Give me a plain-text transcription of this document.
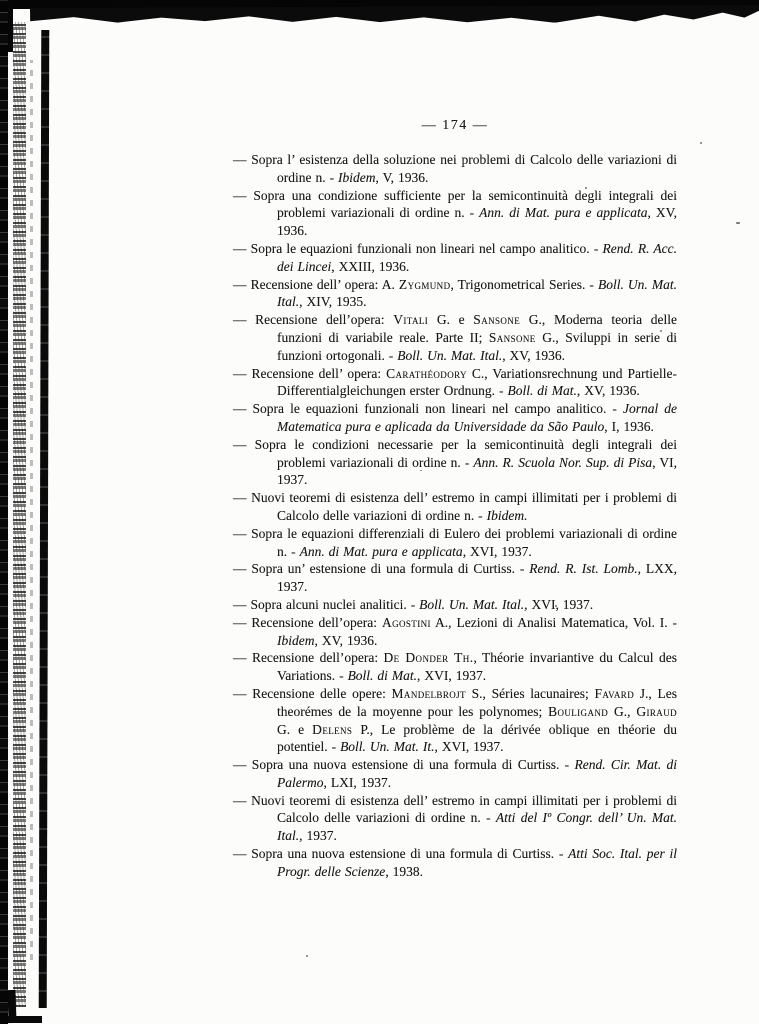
— 174 —
— Sopra l’ esistenza della soluzione nei problemi di Calcolo delle variazioni di ordine n. - Ibidem, V, 1936.
— Sopra una condizione sufficiente per la semicontinuità degli integrali dei problemi variazionali di ordine n. - Ann. di Mat. pura e applicata, XV, 1936.
— Sopra le equazioni funzionali non lineari nel campo analitico. - Rend. R. Acc. dei Lincei, XXIII, 1936.
— Recensione dell’ opera: A. Zygmund, Trigonometrical Series. - Boll. Un. Mat. Ital., XIV, 1935.
— Recensione dell’opera: Vitali G. e Sansone G., Moderna teoria delle funzioni di variabile reale. Parte II; Sansone G., Sviluppi in serie di funzioni ortogonali. - Boll. Un. Mat. Ital., XV, 1936.
— Recensione dell’ opera: Carathéodory C., Variationsrechnung und Partielle-Differentialgleichungen erster Ordnung. - Boll. di Mat., XV, 1936.
— Sopra le equazioni funzionali non lineari nel campo analitico. - Jornal de Matematica pura e aplicada da Universidade da São Paulo, I, 1936.
— Sopra le condizioni necessarie per la semicontinuità degli integrali dei problemi variazionali di ordine n. - Ann. R. Scuola Nor. Sup. di Pisa, VI, 1937.
— Nuovi teoremi di esistenza dell’ estremo in campi illimitati per i problemi di Calcolo delle variazioni di ordine n. - Ibidem.
— Sopra le equazioni differenziali di Eulero dei problemi variazionali di ordine n. - Ann. di Mat. pura e applicata, XVI, 1937.
— Sopra un’ estensione di una formula di Curtiss. - Rend. R. Ist. Lomb., LXX, 1937.
— Sopra alcuni nuclei analitici. - Boll. Un. Mat. Ital., XVI, 1937.
— Recensione dell’opera: Agostini A., Lezioni di Analisi Matematica, Vol. I. - Ibidem, XV, 1936.
— Recensione dell’opera: De Donder Th., Théorie invariantive du Calcul des Variations. - Boll. di Mat., XVI, 1937.
— Recensione delle opere: Mandelbrojt S., Séries lacunaires; Favard J., Les theorémes de la moyenne pour les polynomes; Bouligand G., Giraud G. e Delens P., Le problème de la dérivée oblique en théorie du potentiel. - Boll. Un. Mat. It., XVI, 1937.
— Sopra una nuova estensione di una formula di Curtiss. - Rend. Cir. Mat. di Palermo, LXI, 1937.
— Nuovi teoremi di esistenza dell’ estremo in campi illimitati per i problemi di Calcolo delle variazioni di ordine n. - Atti del Iº Congr. dell’ Un. Mat. Ital., 1937.
— Sopra una nuova estensione di una formula di Curtiss. - Atti Soc. Ital. per il Progr. delle Scienze, 1938.
